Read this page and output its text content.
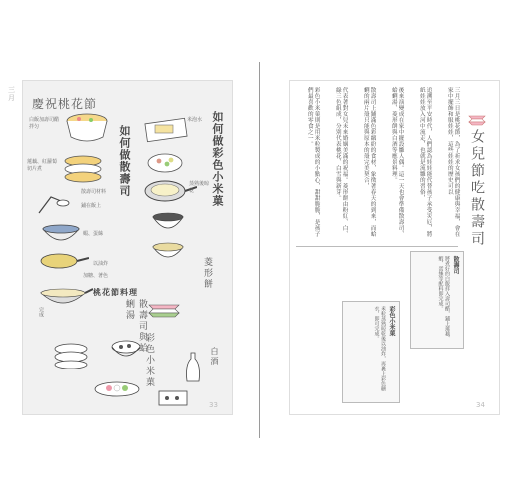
三月	慶祝桃花節
如何做散壽司	如何做彩色小米菓
桃花節料理
菱形餅
白酒
彩色小米菓
散壽司與蛤蜊湯
白飯加壽司醋拌匀
蓮藕、紅蘿蔔切片煮
散壽司材料
鋪在飯上
蝦、蛋絲
米泡水
蒸熟後晾乾
以油炸
加糖、著色
完成
33
女兒節吃散壽司
三月三日是桃花節，為了祈求女孩們的健康與幸福，會在家中擺飾和服娃娃，這些娃娃的歷史可以
追溯至平安時代，人們認為娃娃能代替孩子承受災厄，將紙娃娃放入河中流走，也就是流雛的習俗，
後來演變成在家中擺設雛人偶。這一天也會準備散壽司、蛤蜊湯、菱形餅與白酒等應景料理。
散壽司上鋪滿色彩繽紛的食材，象徵著春天的到來，而蛤蜊的兩片殼只能與原本的殼完美契合，
代表著對女兒未來婚姻美滿的祝福。菱形餅由粉紅、白、綠三色組成，分別代表桃花、白雪與新芽。
彩色小米菓則是用米粒製成的小點心，甜甜脆脆，是孩子們最喜歡的零食之一。
散壽司
將煮好的白飯拌入壽司醋，鋪上蓮藕、蝦、蛋絲等配料即完成。
彩色小米菓
米粒蒸熟晾乾後以油炸，再裹上彩色糖衣，即可完成。
34
